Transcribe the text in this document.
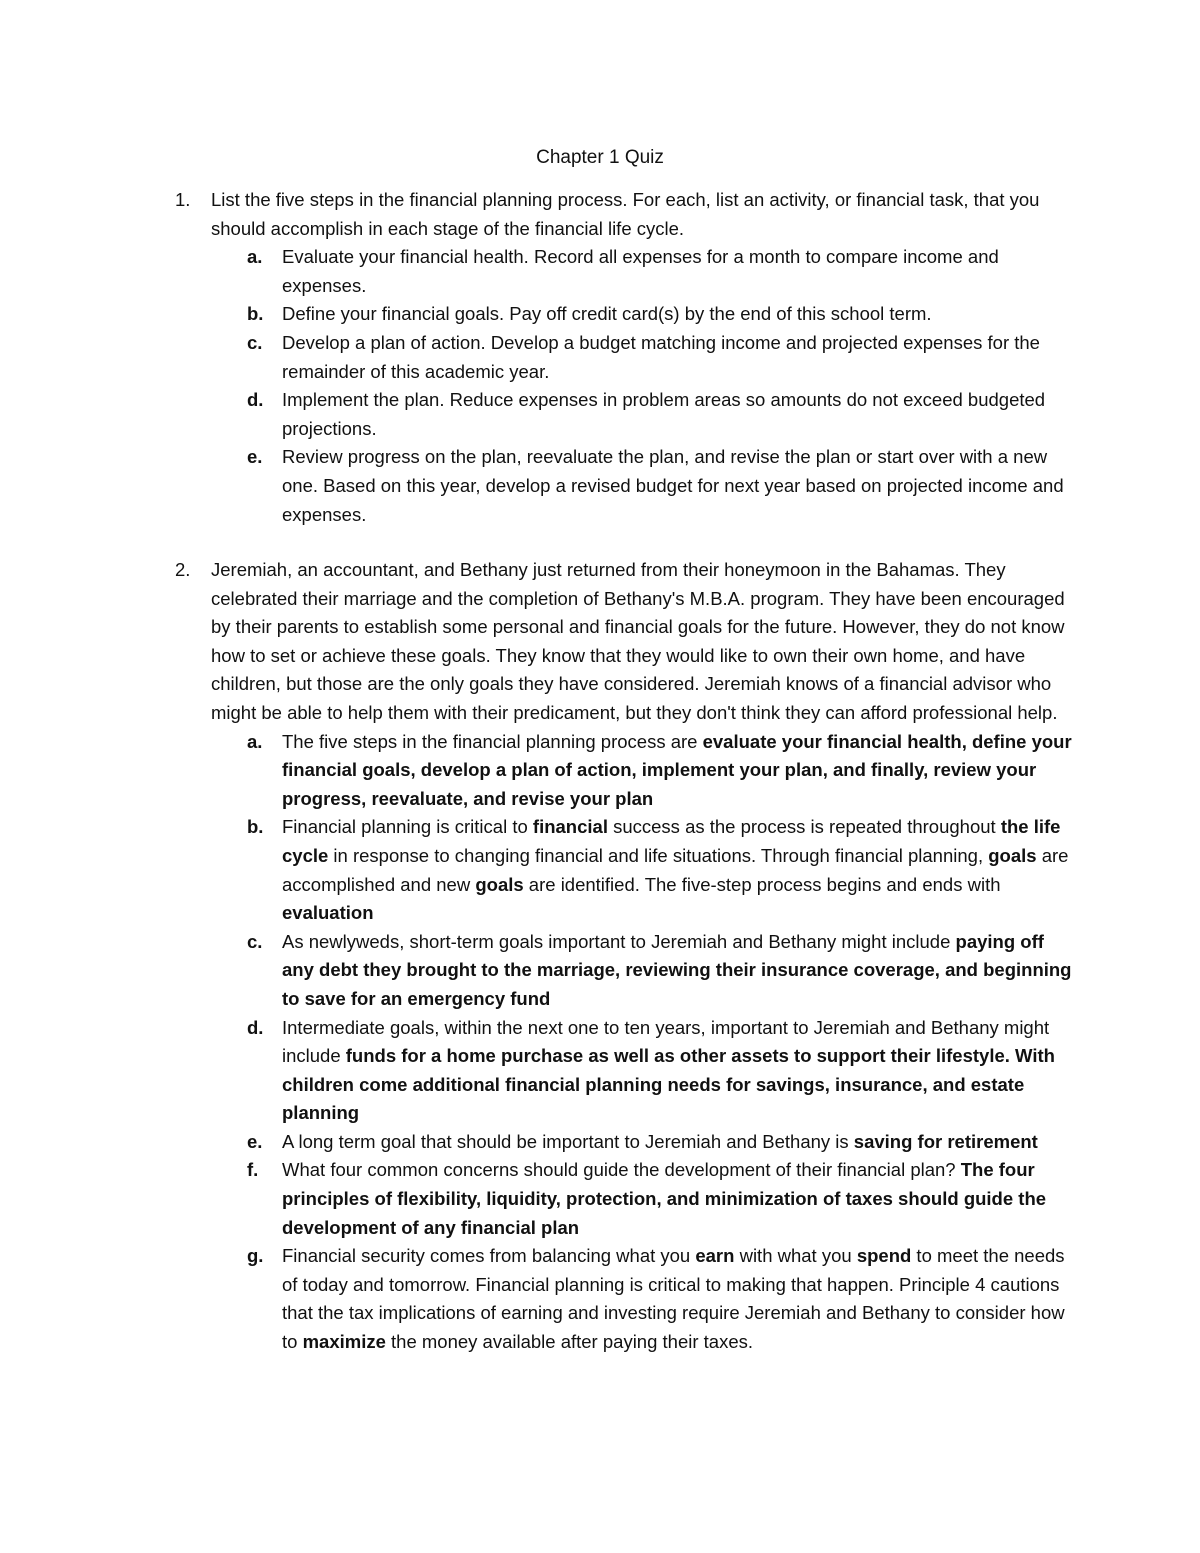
Chapter 1 Quiz
1.	List the five steps in the financial planning process. For each, list an activity, or financial task, that you should accomplish in each stage of the financial life cycle.
a.	Evaluate your financial health. Record all expenses for a month to compare income and expenses.
b.	Define your financial goals. Pay off credit card(s) by the end of this school term.
c.	Develop a plan of action. Develop a budget matching income and projected expenses for the remainder of this academic year.
d.	Implement the plan. Reduce expenses in problem areas so amounts do not exceed budgeted projections.
e.	Review progress on the plan, reevaluate the plan, and revise the plan or start over with a new one. Based on this year, develop a revised budget for next year based on projected income and expenses.
2.	Jeremiah, an accountant, and Bethany just returned from their honeymoon in the Bahamas. They celebrated their marriage and the completion of Bethany's M.B.A. program. They have been encouraged by their parents to establish some personal and financial goals for the future. However, they do not know how to set or achieve these goals. They know that they would like to own their own home, and have children, but those are the only goals they have considered. Jeremiah knows of a financial advisor who might be able to help them with their predicament, but they don't think they can afford professional help.
a.	The five steps in the financial planning process are evaluate your financial health, define your financial goals, develop a plan of action, implement your plan, and finally, review your progress, reevaluate, and revise your plan
b.	Financial planning is critical to financial success as the process is repeated throughout the life cycle in response to changing financial and life situations. Through financial planning, goals are accomplished and new goals are identified. The five-step process begins and ends with evaluation
c.	As newlyweds, short-term goals important to Jeremiah and Bethany might include paying off any debt they brought to the marriage, reviewing their insurance coverage, and beginning to save for an emergency fund
d.	Intermediate goals, within the next one to ten years, important to Jeremiah and Bethany might include funds for a home purchase as well as other assets to support their lifestyle. With children come additional financial planning needs for savings, insurance, and estate planning
e.	A long term goal that should be important to Jeremiah and Bethany is saving for retirement
f.	What four common concerns should guide the development of their financial plan? The four principles of flexibility, liquidity, protection, and minimization of taxes should guide the development of any financial plan
g.	Financial security comes from balancing what you earn with what you spend to meet the needs of today and tomorrow. Financial planning is critical to making that happen. Principle 4 cautions that the tax implications of earning and investing require Jeremiah and Bethany to consider how to maximize the money available after paying their taxes.
